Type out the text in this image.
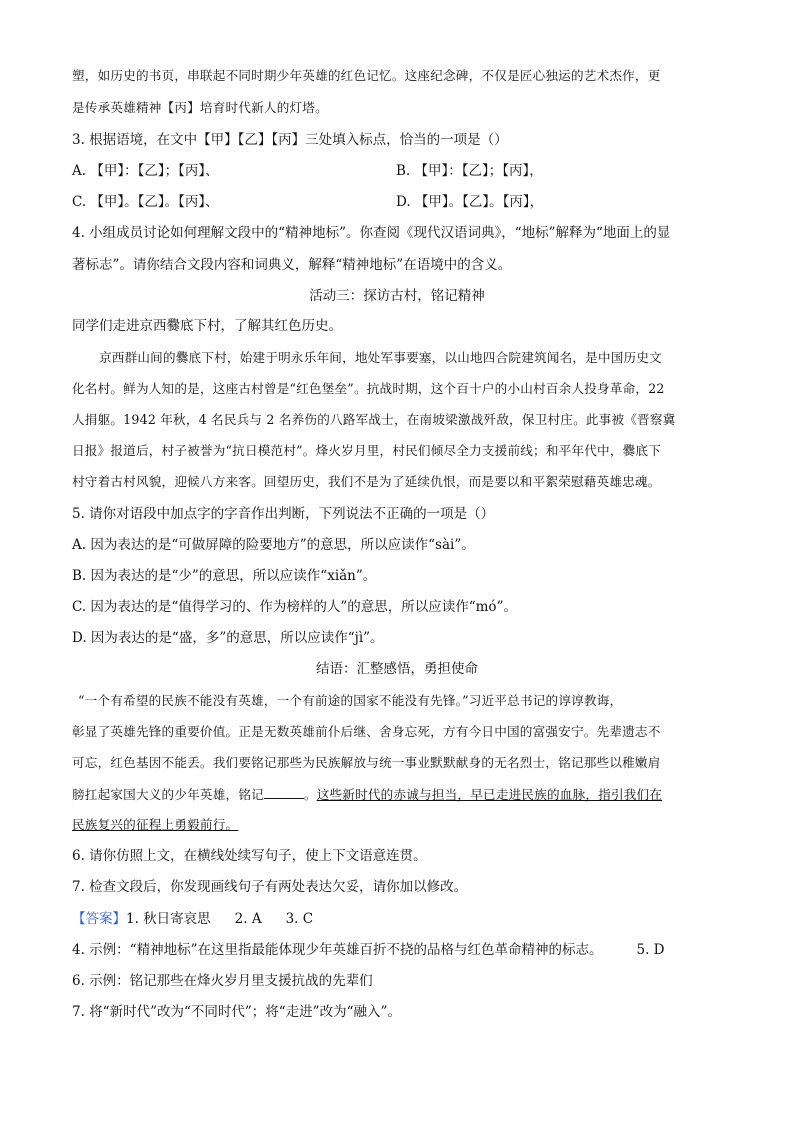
塑，如历史的书页，串联起不同时期少年英雄的红色记忆。这座纪念碑，不仅是匠心独运的艺术杰作，更
是传承英雄精神【丙】培育时代新人的灯塔。
3. 根据语境，在文中【甲】【乙】【丙】三处填入标点，恰当的一项是（）
A. 【甲】：【乙】；【丙】、	B. 【甲】：【乙】；【丙】，
C. 【甲】。【乙】。【丙】、	D. 【甲】。【乙】。【丙】，
4. 小组成员讨论如何理解文段中的“精神地标”。你查阅《现代汉语词典》，“地标”解释为“地面上的显
著标志”。请你结合文段内容和词典义，解释“精神地标”在语境中的含义。
活动三：探访古村，铭记精神
同学们走进京西爨底下村，了解其红色历史。
京西群山间的爨底下村，始建于明永乐年间，地处军事要塞，以山地四合院建筑闻名，是中国历史文
化名村。鲜为人知的是，这座古村曾是“红色堡垒”。抗战时期，这个百十户的小山村百余人投身革命，22
人捐躯。1942 年秋，4 名民兵与 2 名养伤的八路军战士，在南坡梁激战歼敌，保卫村庄。此事被《晋察冀
日报》报道后，村子被誉为“抗日模范村”。烽火岁月里，村民们倾尽全力支援前线；和平年代中，爨底下
村守着古村风貌，迎候八方来客。回望历史，我们不是为了延续仇恨，而是要以和平絮荣慰藉英雄忠魂。
5. 请你对语段中加点字的字音作出判断，下列说法不正确的一项是（）
A. 因为表达的是“可做屏障的险要地方”的意思，所以应读作“sài”。
B. 因为表达的是“少”的意思，所以应读作“xiǎn”。
C. 因为表达的是“值得学习的、作为榜样的人”的意思，所以应读作“mó”。
D. 因为表达的是“盛，多”的意思，所以应读作“jì”。
结语：汇整感悟，勇担使命
“一个有希望的民族不能没有英雄，一个有前途的国家不能没有先锋。”习近平总书记的谆谆教诲，
彰显了英雄先锋的重要价值。正是无数英雄前仆后继、舍身忘死，方有今日中国的富强安宁。先辈遗志不
可忘，红色基因不能丢。我们要铭记那些为民族解放与统一事业默默献身的无名烈士，铭记那些以稚嫩肩
膀扛起家国大义的少年英雄，铭记	。这些新时代的赤诚与担当，早已走进民族的血脉，指引我们在
民族复兴的征程上勇毅前行。
6. 请你仿照上文，在横线处续写句子，使上下文语意连贯。
7. 检查文段后，你发现画线句子有两处表达欠妥，请你加以修改。
【答案】1. 秋日寄哀思 2. A 3. C
4. 示例：“精神地标”在这里指最能体现少年英雄百折不挠的品格与红色革命精神的标志。	5. D
6. 示例：铭记那些在烽火岁月里支援抗战的先辈们
7. 将“新时代”改为“不同时代”；将“走进”改为“融入”。
